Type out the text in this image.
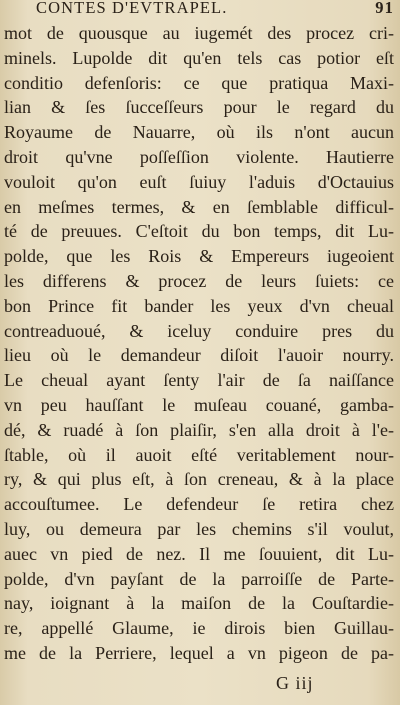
CONTES D'EVTRAPEL.	91
mot de quousque au iugemét des procez cri-
minels. Lupolde dit qu'en tels cas potior eſt
conditio defenſoris: ce que pratiqua Maxi-
lian & ſes ſucceſſeurs pour le regard du
Royaume de Nauarre, où ils n'ont aucun
droit qu'vne poſſeſſion violente. Hautierre
vouloit qu'on euſt ſuiuy l'aduis d'Octauius
en meſmes termes, & en ſemblable difficul-
té de preuues. C'eſtoit du bon temps, dit Lu-
polde, que les Rois & Empereurs iugeoient
les differens & procez de leurs ſuiets: ce
bon Prince fit bander les yeux d'vn cheual
contreaduoué, & iceluy conduire pres du
lieu où le demandeur diſoit l'auoir nourry.
Le cheual ayant ſenty l'air de ſa naiſſance
vn peu hauſſant le muſeau couané, gamba-
dé, & ruadé à ſon plaiſir, s'en alla droit à l'e-
ſtable, où il auoit eſté veritablement nour-
ry, & qui plus eſt, à ſon creneau, & à la place
accouſtumee. Le defendeur ſe retira chez
luy, ou demeura par les chemins s'il voulut,
auec vn pied de nez. Il me ſouuient, dit Lu-
polde, d'vn payſant de la parroiſſe de Parte-
nay, ioignant à la maiſon de la Couſtardie-
re, appellé Glaume, ie dirois bien Guillau-
me de la Perriere, lequel a vn pigeon de pa-
G iij
